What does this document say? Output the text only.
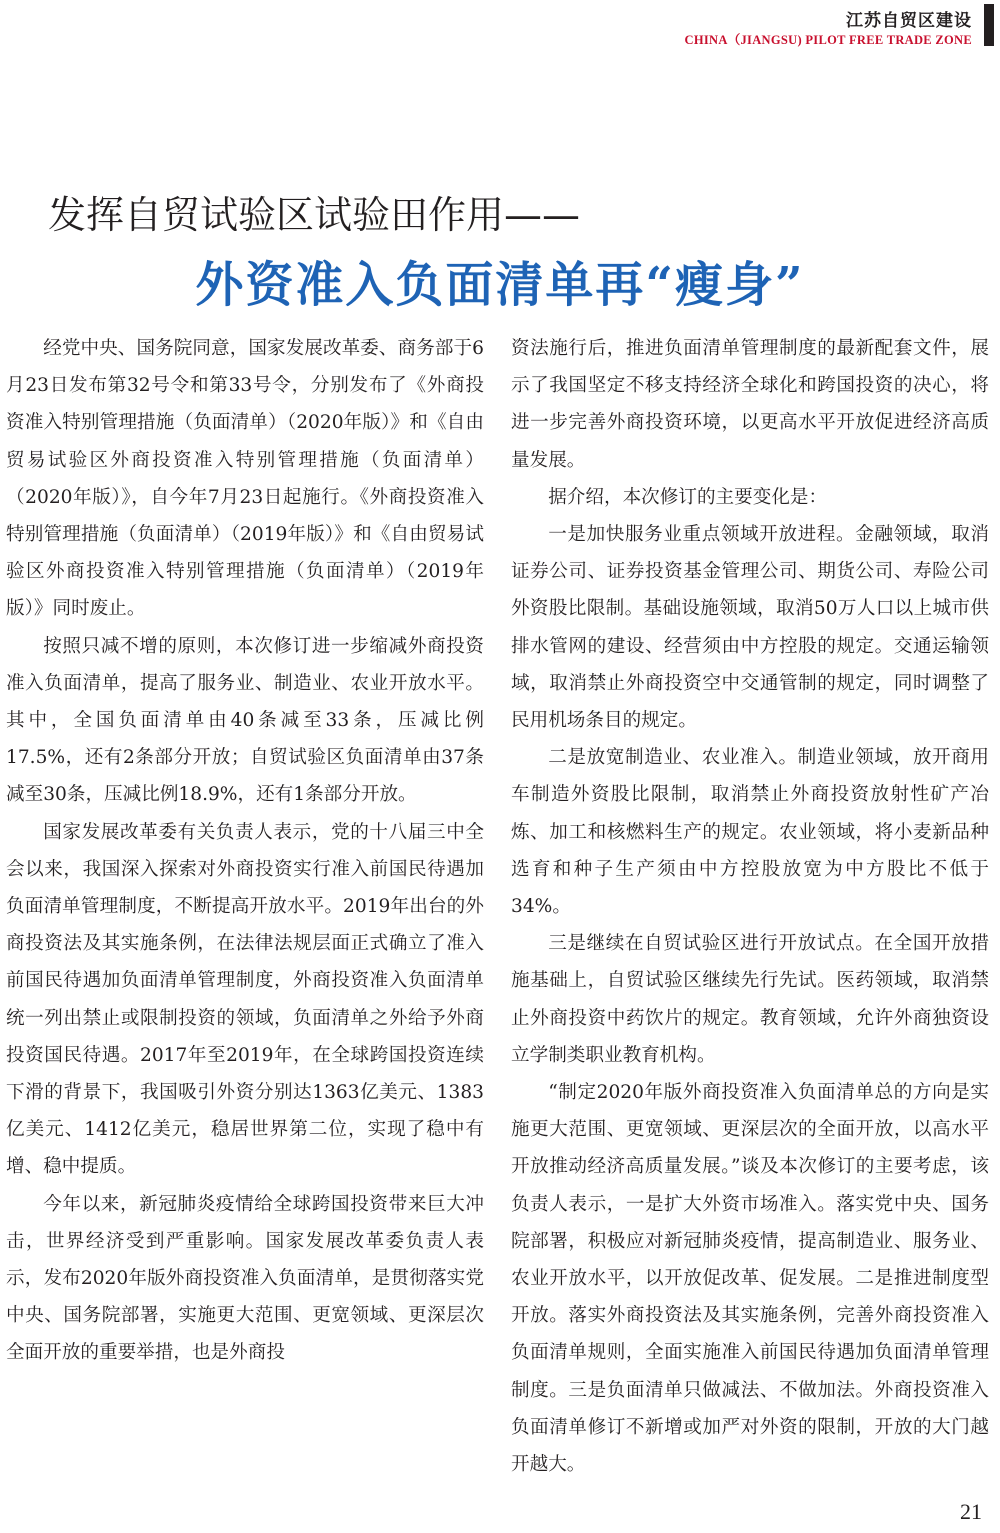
江苏自贸区建设
CHINA（JIANGSU) PILOT FREE TRADE ZONE
发挥自贸试验区试验田作用——
外资准入负面清单再“瘦身”

经党中央、国务院同意，国家发展改革委、商务部于6月23日发布第32号令和第33号令，分别发布了《外商投资准入特别管理措施（负面清单）（2020年版）》和《自由贸易试验区外商投资准入特别管理措施（负面清单）（2020年版）》，自今年7月23日起施行。《外商投资准入特别管理措施（负面清单）（2019年版）》和《自由贸易试验区外商投资准入特别管理措施（负面清单）（2019年版）》同时废止。

按照只减不增的原则，本次修订进一步缩减外商投资准入负面清单，提高了服务业、制造业、农业开放水平。其中，全国负面清单由40条减至33条，压减比例17.5%，还有2条部分开放；自贸试验区负面清单由37条减至30条，压减比例18.9%，还有1条部分开放。

国家发展改革委有关负责人表示，党的十八届三中全会以来，我国深入探索对外商投资实行准入前国民待遇加负面清单管理制度，不断提高开放水平。2019年出台的外商投资法及其实施条例，在法律法规层面正式确立了准入前国民待遇加负面清单管理制度，外商投资准入负面清单统一列出禁止或限制投资的领域，负面清单之外给予外商投资国民待遇。2017年至2019年，在全球跨国投资连续下滑的背景下，我国吸引外资分别达1363亿美元、1383亿美元、1412亿美元，稳居世界第二位，实现了稳中有增、稳中提质。

今年以来，新冠肺炎疫情给全球跨国投资带来巨大冲击，世界经济受到严重影响。国家发展改革委负责人表示，发布2020年版外商投资准入负面清单，是贯彻落实党中央、国务院部署，实施更大范围、更宽领域、更深层次全面开放的重要举措，也是外商投

资法施行后，推进负面清单管理制度的最新配套文件，展示了我国坚定不移支持经济全球化和跨国投资的决心，将进一步完善外商投资环境，以更高水平开放促进经济高质量发展。

据介绍，本次修订的主要变化是：

一是加快服务业重点领域开放进程。金融领域，取消证券公司、证券投资基金管理公司、期货公司、寿险公司外资股比限制。基础设施领域，取消50万人口以上城市供排水管网的建设、经营须由中方控股的规定。交通运输领域，取消禁止外商投资空中交通管制的规定，同时调整了民用机场条目的规定。

二是放宽制造业、农业准入。制造业领域，放开商用车制造外资股比限制，取消禁止外商投资放射性矿产冶炼、加工和核燃料生产的规定。农业领域，将小麦新品种选育和种子生产须由中方控股放宽为中方股比不低于34%。

三是继续在自贸试验区进行开放试点。在全国开放措施基础上，自贸试验区继续先行先试。医药领域，取消禁止外商投资中药饮片的规定。教育领域，允许外商独资设立学制类职业教育机构。

“制定2020年版外商投资准入负面清单总的方向是实施更大范围、更宽领域、更深层次的全面开放，以高水平开放推动经济高质量发展。”谈及本次修订的主要考虑，该负责人表示，一是扩大外资市场准入。落实党中央、国务院部署，积极应对新冠肺炎疫情，提高制造业、服务业、农业开放水平，以开放促改革、促发展。二是推进制度型开放。落实外商投资法及其实施条例，完善外商投资准入负面清单规则，全面实施准入前国民待遇加负面清单管理制度。三是负面清单只做减法、不做加法。外商投资准入负面清单修订不新增或加严对外资的限制，开放的大门越开越大。

21
